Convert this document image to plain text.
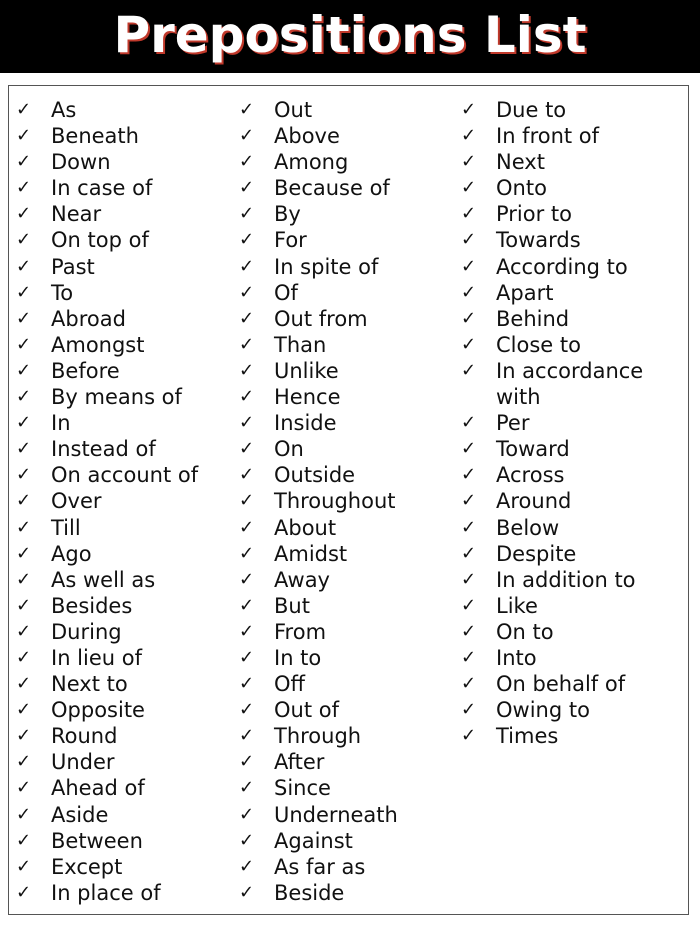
Prepositions List
✓ As
✓ Beneath
✓ Down
✓ In case of
✓ Near
✓ On top of
✓ Past
✓ To
✓ Abroad
✓ Amongst
✓ Before
✓ By means of
✓ In
✓ Instead of
✓ On account of
✓ Over
✓ Till
✓ Ago
✓ As well as
✓ Besides
✓ During
✓ In lieu of
✓ Next to
✓ Opposite
✓ Round
✓ Under
✓ Ahead of
✓ Aside
✓ Between
✓ Except
✓ In place of
✓ Out
✓ Above
✓ Among
✓ Because of
✓ By
✓ For
✓ In spite of
✓ Of
✓ Out from
✓ Than
✓ Unlike
✓ Hence
✓ Inside
✓ On
✓ Outside
✓ Throughout
✓ About
✓ Amidst
✓ Away
✓ But
✓ From
✓ In to
✓ Off
✓ Out of
✓ Through
✓ After
✓ Since
✓ Underneath
✓ Against
✓ As far as
✓ Beside
✓ Due to
✓ In front of
✓ Next
✓ Onto
✓ Prior to
✓ Towards
✓ According to
✓ Apart
✓ Behind
✓ Close to
✓ In accordance with
✓ Per
✓ Toward
✓ Across
✓ Around
✓ Below
✓ Despite
✓ In addition to
✓ Like
✓ On to
✓ Into
✓ On behalf of
✓ Owing to
✓ Times
